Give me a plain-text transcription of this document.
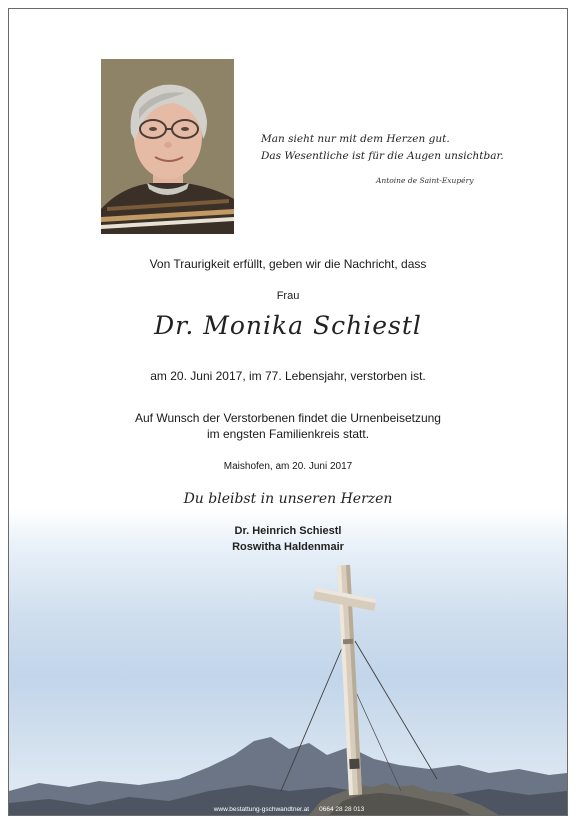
Man sieht nur mit dem Herzen gut.
Das Wesentliche ist für die Augen unsichtbar.
Antoine de Saint-Exupéry
Von Traurigkeit erfüllt, geben wir die Nachricht, dass
Frau
Dr. Monika Schiestl
am 20. Juni 2017, im 77. Lebensjahr, verstorben ist.
Auf Wunsch der Verstorbenen findet die Urnenbeisetzung
im engsten Familienkreis statt.
Maishofen, am 20. Juni 2017
Du bleibst in unseren Herzen
Dr. Heinrich Schiestl
Roswitha Haldenmair
www.bestattung-gschwandtner.at 0664 28 28 013
